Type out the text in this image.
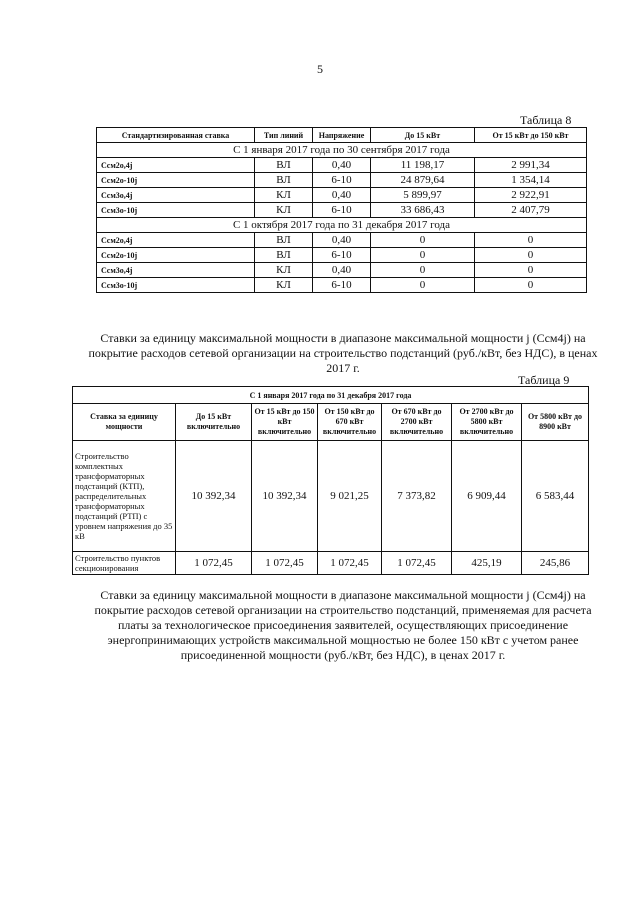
5
Таблица 8
Стандартизированная ставка	Тип линий	Напряжение	До 15 кВт	От 15 кВт до 150 кВт
С 1 января 2017 года по 30 сентября 2017 года				
Cсм2о,4j	ВЛ	0,40	11 198,17	2 991,34
Cсм2о-10j	ВЛ	6-10	24 879,64	1 354,14
Cсм3о,4j	КЛ	0,40	5 899,97	2 922,91
Cсм3о-10j	КЛ	6-10	33 686,43	2 407,79
С 1 октября 2017 года по 31 декабря 2017 года				
Cсм2о,4j	ВЛ	0,40	0	0
Cсм2о-10j	ВЛ	6-10	0	0
Cсм3о,4j	КЛ	0,40	0	0
Cсм3о-10j	КЛ	6-10	0	0
Ставки за единицу максимальной мощности в диапазоне максимальной мощности j (Cсм4j) на покрытие расходов сетевой организации на строительство подстанций (руб./кВт, без НДС), в ценах 2017 г.
Таблица 9
С 1 января 2017 года по 31 декабря 2017 года						
Ставка за единицу мощности	До 15 кВт включительно	От 15 кВт до 150 кВт включительно	От 150 кВт до 670 кВт включительно	От 670 кВт до 2700 кВт включительно	От 2700 кВт до 5800 кВт включительно	От 5800 кВт до 8900 кВт
Строительство комплектных трансформаторных подстанций (КТП), распределительных трансформаторных подстанций (РТП) с уровнем напряжения до 35 кВ	10 392,34	10 392,34	9 021,25	7 373,82	6 909,44	6 583,44
Строительство пунктов секционирования	1 072,45	1 072,45	1 072,45	1 072,45	425,19	245,86
Ставки за единицу максимальной мощности в диапазоне максимальной мощности j (Cсм4j) на покрытие расходов сетевой организации на строительство подстанций, применяемая для расчета платы за технологическое присоединения заявителей, осуществляющих присоединение энергопринимающих устройств максимальной мощностью не более 150 кВт с учетом ранее присоединенной мощности (руб./кВт, без НДС), в ценах 2017 г.
